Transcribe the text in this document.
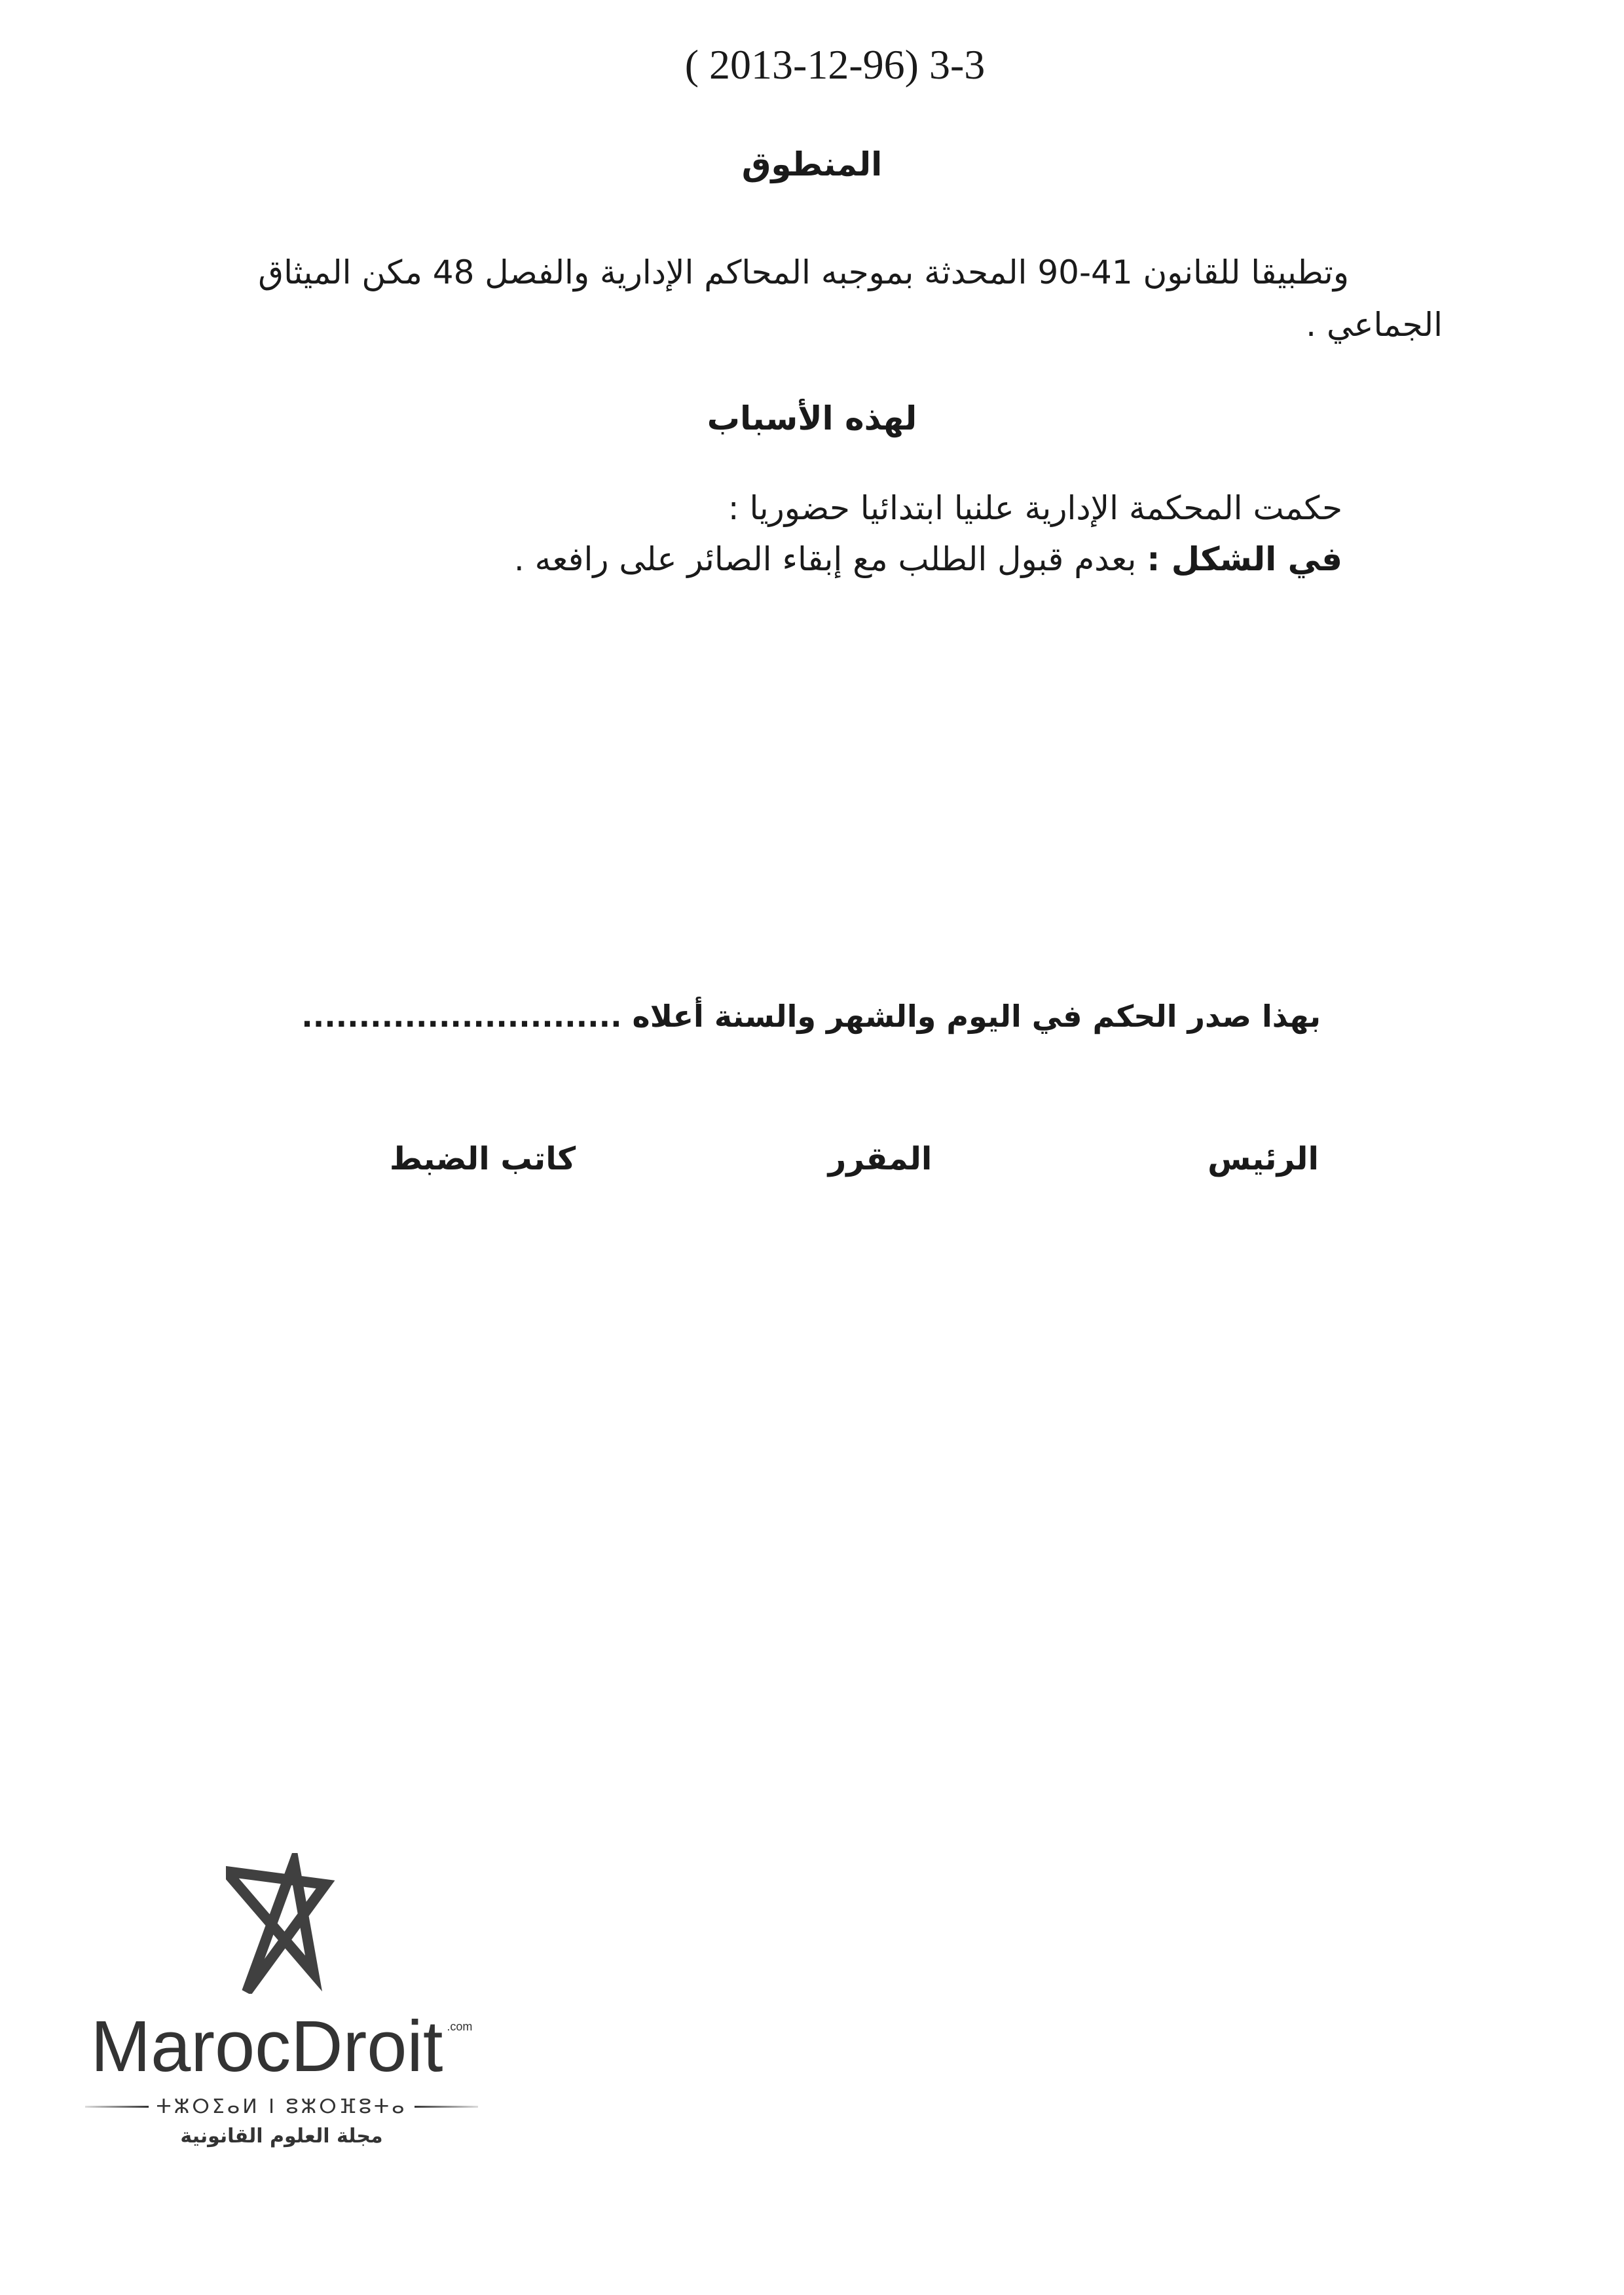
( 2013-12-96) 3-3
المنطوق
وتطبيقا للقانون 41-90 المحدثة بموجبه المحاكم الإدارية والفصل 48 مكن الميثاق
الجماعي .
لهذه الأسباب
حكمت المحكمة الإدارية علنيا ابتدائيا حضوريا :
في الشكل : بعدم قبول الطلب مع إبقاء الصائر على رافعه .
بهذا صدر الحكم في اليوم والشهر والسنة أعلاه ............................
الرئيس
المقرر
كاتب الضبط
MarocDroit .com
ⵜⵣⵔⵉⴰⵍ ⵏ ⵓⵣⵔⴼⵓⵜⴰ
مجلة العلوم القانونية
